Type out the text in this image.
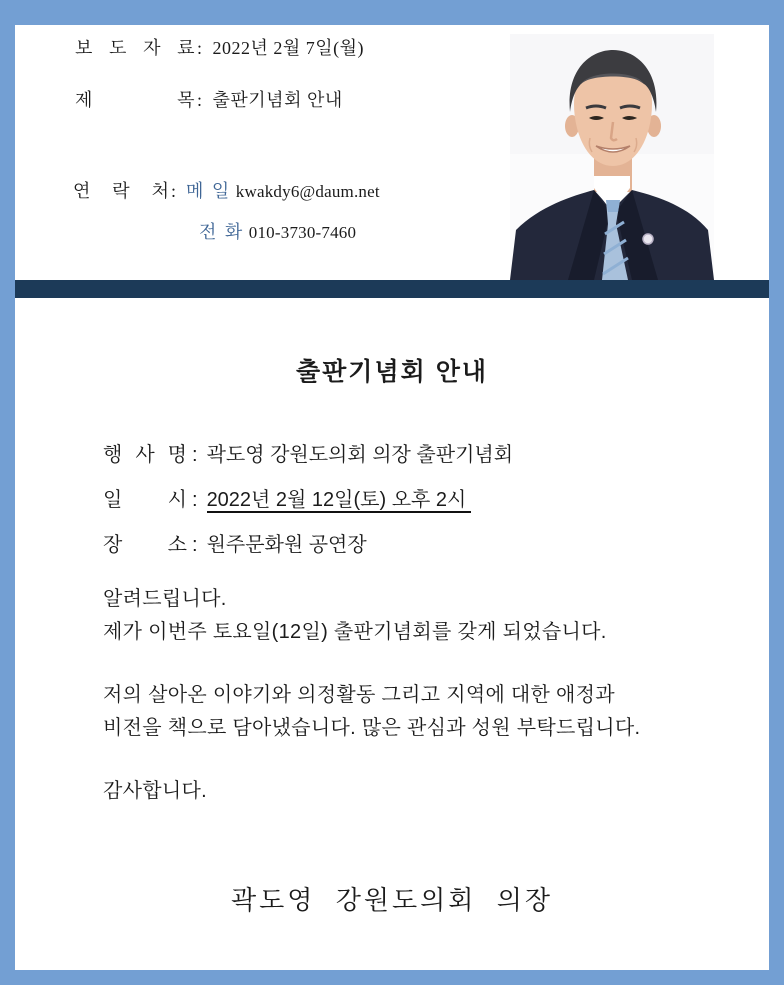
보 도 자 료 : 2022년 2월 7일(월)
제 목 : 출판기념회 안내
연 락 처 : 메 일 kwakdy6@daum.net
전 화 010-3730-7460
출판기념회 안내
행 사 명 : 곽도영 강원도의회 의장 출판기념회
일 시 : 2022년 2월 12일(토) 오후 2시
장 소 : 원주문화원 공연장

알려드립니다.

제가 이번주 토요일(12일) 출판기념회를 갖게 되었습니다.

저의 살아온 이야기와 의정활동 그리고 지역에 대한 애정과

비전을 책으로 담아냈습니다. 많은 관심과 성원 부탁드립니다.

감사합니다.

곽도영  강원도의회  의장
